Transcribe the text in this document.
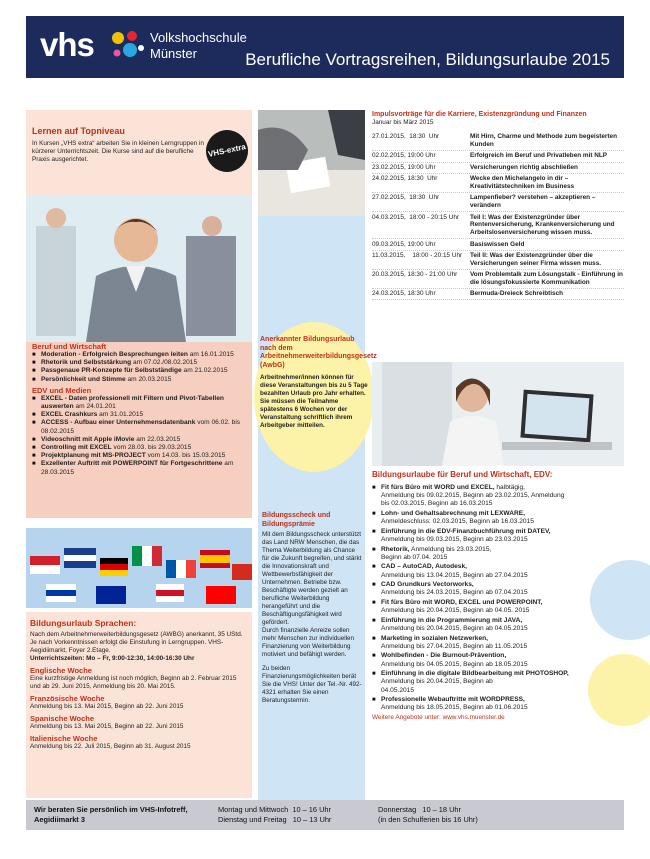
vhs	Volkshochschule
Münster	Berufliche Vortragsreihen, Bildungsurlaube 2015
Lernen auf Topniveau
In Kursen „VHS extra“ arbeiten Sie in kleinen Lerngruppen in kürzerer Unterrichtszeit. Die Kurse sind auf die berufliche Praxis ausgerichtet.
VHS-extra
Beruf und Wirtschaft
■ Moderation - Erfolgreich Besprechungen leiten am 16.01.2015
■ Rhetorik und Selbststärkung am 07.02./08.02.2015
■ Passgenaue PR-Konzepte für Selbstständige am 21.02.2015
■ Persönlichkeit und Stimme am 20.03.2015
EDV und Medien
■ EXCEL - Daten professionell mit Filtern und Pivot-Tabellen auswerten am 24.01.201
■ EXCEL Crashkurs am 31.01.2015
■ ACCESS - Aufbau einer Unternehmensdatenbank vom 06.02. bis 08.02.2015
■ Videoschnitt mit Apple iMovie am 22.03.2015
■ Controlling mit EXCEL vom 28.03. bis 29.03.2015
■ Projektplanung mit MS-PROJECT vom 14.03. bis 15.03.2015
■ Exzellenter Auftritt mit POWERPOINT für Fortgeschrittene am 28.03.2015
Bildungsurlaub Sprachen:
Nach dem Arbeitnehmerweiterbildungsgesetz (AWBG) anerkannt, 35 UStd. Je nach Vorkenntnissen erfolgt die Einstufung in Lerngruppen. VHS-Aegidiimarkt, Foyer 2.Etage.
Unterrichtszeiten: Mo – Fr, 9:00-12:30, 14:00-16:30 Uhr
Englische Woche
Eine kurzfristige Anmeldung ist noch möglich, Beginn ab 2. Februar 2015 und ab 29. Juni 2015, Anmeldung bis 20. Mai 2015.
Französische Woche
Anmeldung bis 13. Mai 2015, Beginn ab 22. Juni 2015
Spanische Woche
Anmeldung bis 13. Mai 2015, Beginn ab 22. Juni 2015
Italienische Woche
Anmeldung bis 22. Juli 2015, Beginn ab 31. August 2015
Anerkannter Bildungsurlaub nach dem Arbeitnehmerweiterbildungsgesetz (AwbG)
Arbeitnehmer/innen können für diese Veranstaltungen bis zu 5 Tage bezahlten Urlaub pro Jahr erhalten. Sie müssen die Teilnahme spätestens 6 Wochen vor der Veranstaltung schriftlich ihrem Arbeitgeber mitteilen.
Bildungsscheck und Bildungsprämie
Mit dem Bildungsscheck unterstützt das Land NRW Menschen, die das Thema Weiterbildung als Chance für die Zukunft begreifen, und stärkt die Innovationskraft und Wettbewerbsfähigkeit der Unternehmen. Betriebe bzw. Beschäftigte werden gezielt an berufliche Weiterbildung herangeführt und die Beschäftigungsfähigkeit wird gefördert.
Durch finanzielle Anreize sollen mehr Menschen zur individuellen Finanzierung von Weiterbildung motiviert und befähigt werden.
Zu beiden Finanzierungsmöglichkeiten berät Sie die VHS! Unter der Tel.-Nr. 492-4321 erhalten Sie einen Beratungstermin.
Impulsvorträge für die Karriere, Existenzgründung und Finanzen
Januar bis März 2015
27.01.2015,  18:30  Uhr	Mit Hirn, Charme und Methode zum begeisterten Kunden
02.02.2015, 19:00 Uhr	Erfolgreich im Beruf und Privatleben mit NLP
23.02.2015, 19:00 Uhr	Versicherungen richtig abschließen
24.02.2015, 18:30  Uhr	Wecke den Michelangelo in dir – Kreativitätstechniken im Business
27.02.2015,  18:30  Uhr	Lampenfieber? verstehen – akzeptieren – verändern
04.03.2015,  18:00 - 20:15 Uhr	Teil I: Was der Existenzgründer über Rentenversicherung, Krankenversicherung und Arbeitslosenversicherung wissen muss.
09.03.2015, 19:00 Uhr	Basiswissen Geld
11.03.2015,    18:00 - 20:15 Uhr	Teil II: Was der Existenzgründer über die Versicherungen seiner Firma wissen muss.
20.03.2015, 18:30 - 21:00 Uhr	Vom Problemtalk zum Lösungstalk - Einführung in die lösungsfokussierte Kommunikation
24.03.2015, 18:30 Uhr	Bermuda-Dreieck Schreibtisch
Bildungsurlaube für Beruf und Wirtschaft, EDV:
■ Fit fürs Büro mit WORD und EXCEL, halbtägig,
Anmeldung bis 09.02.2015, Beginn ab 23.02.2015, Anmeldung bis 02.03.2015, Beginn ab 16.03.2015
■ Lohn- und Gehaltsabrechnung mit LEXWARE,
Anmeldeschluss: 02.03.2015, Beginn ab 16.03.2015
■ Einführung in die EDV-Finanzbuchführung mit DATEV,
Anmeldung bis 09.03.2015, Beginn ab 23.03.2015
■ Rhetorik, Anmeldung bis 23.03.2015,
Beginn ab 07.04. 2015
■ CAD – AutoCAD, Autodesk,
Anmeldung bis 13.04.2015, Beginn ab 27.04.2015
■ CAD Grundkurs Vectorworks,
Anmeldung bis 24.03.2015, Beginn ab 07.04.2015
■ Fit fürs Büro mit WORD, EXCEL und POWERPOINT,
Anmeldung bis 20.04.2015, Beginn ab 04.05. 2015
■ Einführung in die Programmierung mit JAVA,
Anmeldung bis 20.04.2015, Beginn ab 04.05.2015
■ Marketing in sozialen Netzwerken,
Anmeldung bis 27.04.2015, Beginn ab 11.05.2015
■ Wohlbefinden - Die Burnout-Prävention,
Anmeldung bis 04.05.2015, Beginn ab 18.05.2015
■ Einführung in die digitale Bildbearbeitung mit PHOTOSHOP, Anmeldung bis 20.04.2015, Beginn ab
04.05.2015
■ Professionelle Webauftritte mit WORDPRESS,
Anmeldung bis 18.05.2015, Beginn ab 01.06.2015
Weitere Angebote unter: www.vhs.muenster.de
Wir beraten Sie persönlich im VHS-Infotreff, Aegidiimarkt 3
Montag und Mittwoch  10 – 16 Uhr
Dienstag und Freitag   10 – 13 Uhr
Donnerstag   10 – 18 Uhr
(in den Schulferien bis 16 Uhr)
